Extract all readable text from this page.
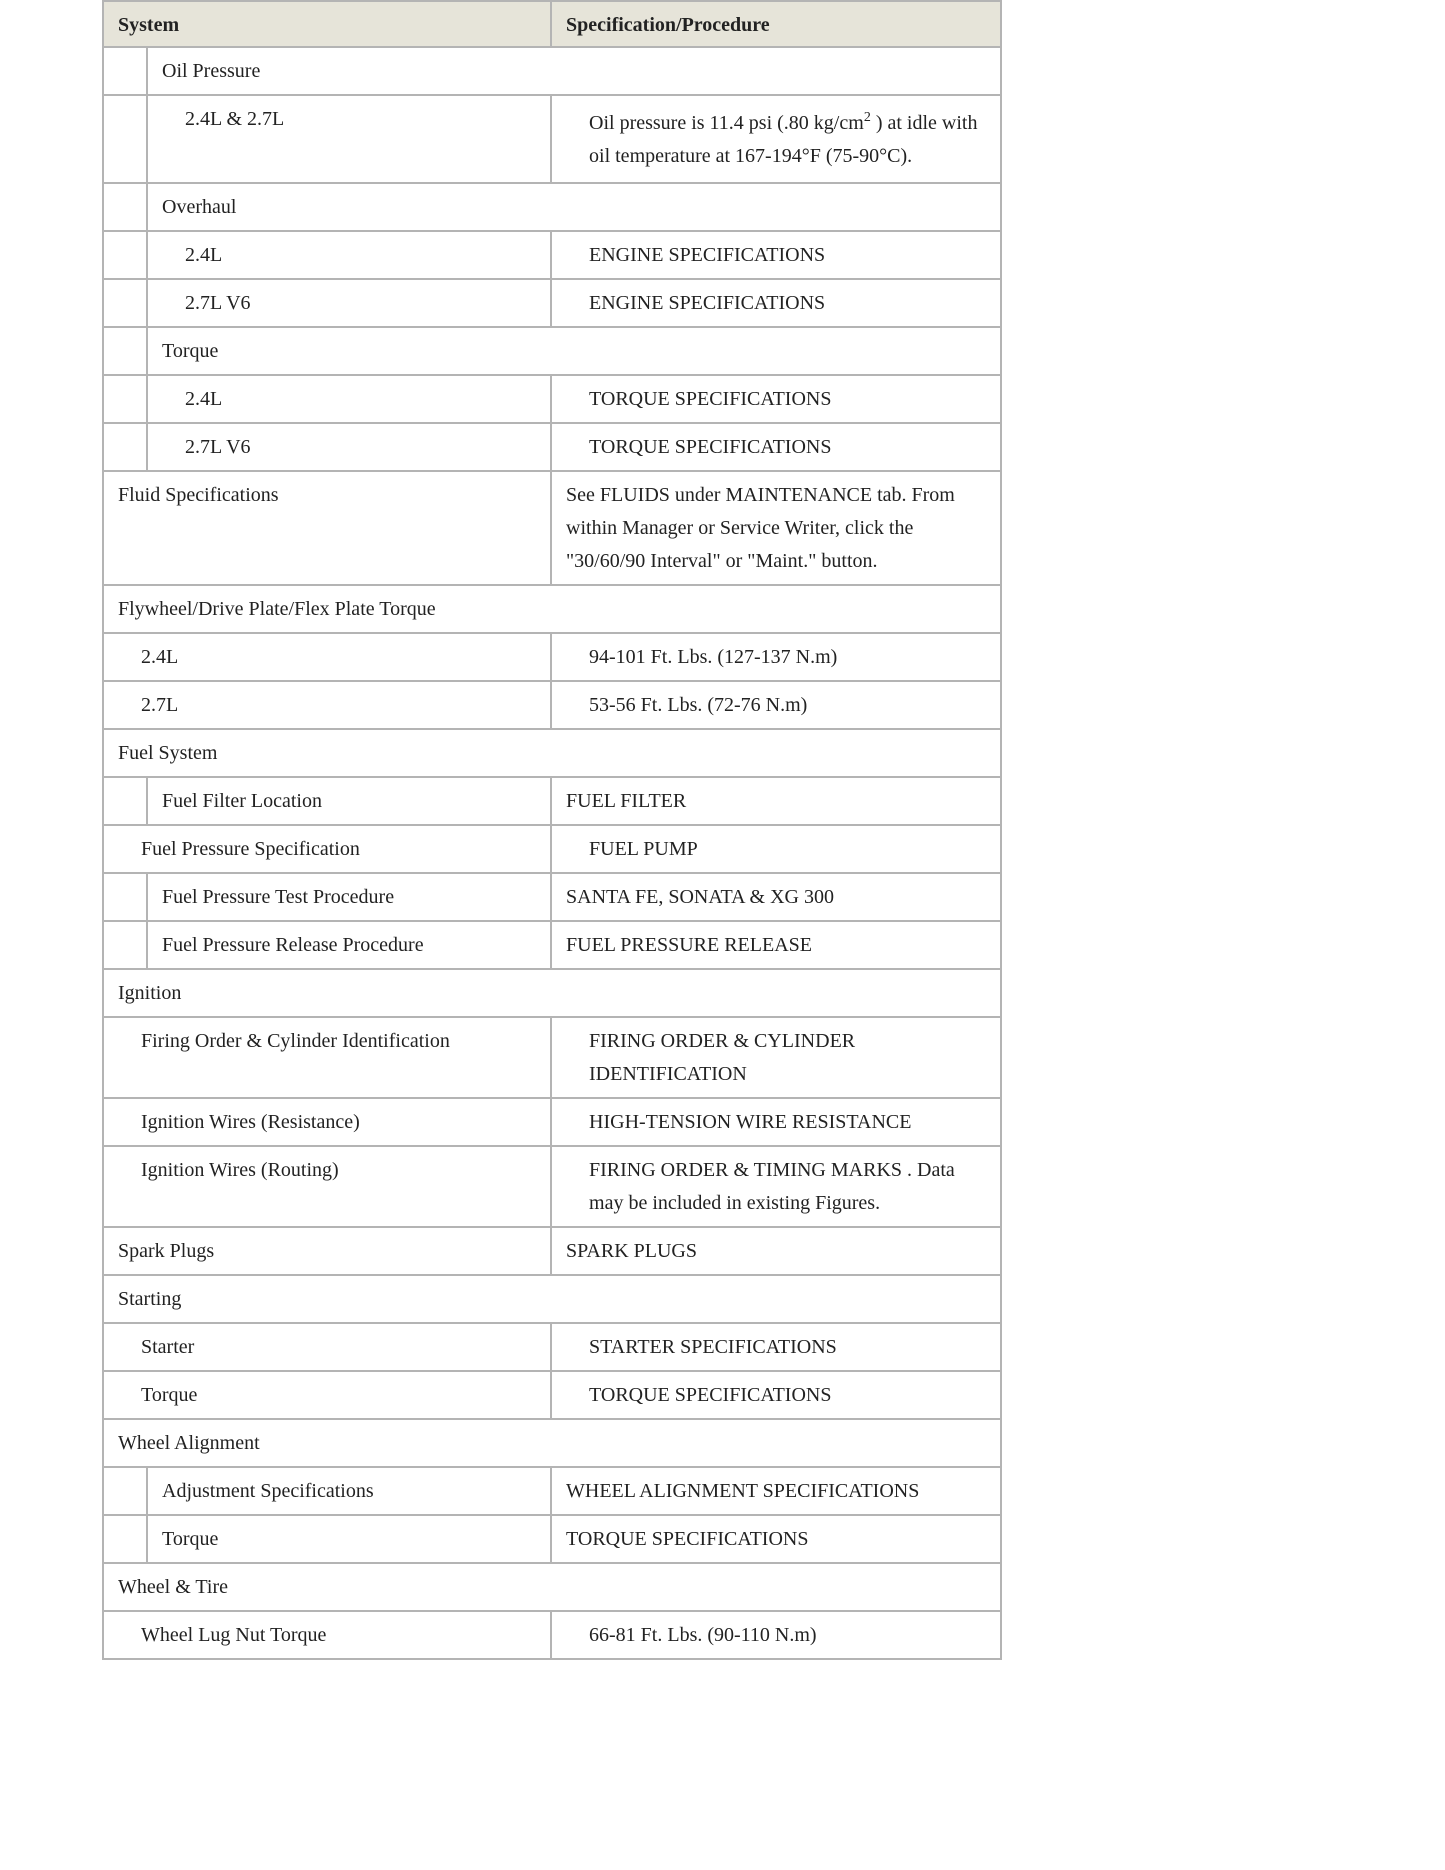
System		Specification/Procedure
	Oil Pressure	
	2.4L & 2.7L	Oil pressure is 11.4 psi (.80 $kg/cm^2$ ) at idle with oil temperature at 167-194°F (75-90°C).
	Overhaul	
	2.4L	ENGINE SPECIFICATIONS
	2.7L V6	ENGINE SPECIFICATIONS
	Torque	
	2.4L	TORQUE SPECIFICATIONS
	2.7L V6	TORQUE SPECIFICATIONS
Fluid Specifications		See FLUIDS under MAINTENANCE tab. From within Manager or Service Writer, click the "30/60/90 Interval" or "Maint." button.
Flywheel/Drive Plate/Flex Plate Torque		
2.4L		94-101 Ft. Lbs. (127-137 N.m)
2.7L		53-56 Ft. Lbs. (72-76 N.m)
Fuel System		
	Fuel Filter Location	FUEL FILTER
Fuel Pressure Specification		FUEL PUMP
	Fuel Pressure Test Procedure	SANTA FE, SONATA & XG 300
	Fuel Pressure Release Procedure	FUEL PRESSURE RELEASE
Ignition		
Firing Order & Cylinder Identification		FIRING ORDER & CYLINDER IDENTIFICATION
Ignition Wires (Resistance)		HIGH-TENSION WIRE RESISTANCE
Ignition Wires (Routing)		FIRING ORDER & TIMING MARKS . Data may be included in existing Figures.
Spark Plugs		SPARK PLUGS
Starting		
Starter		STARTER SPECIFICATIONS
Torque		TORQUE SPECIFICATIONS
Wheel Alignment		
	Adjustment Specifications	WHEEL ALIGNMENT SPECIFICATIONS
	Torque	TORQUE SPECIFICATIONS
Wheel & Tire		
Wheel Lug Nut Torque		66-81 Ft. Lbs. (90-110 N.m)
